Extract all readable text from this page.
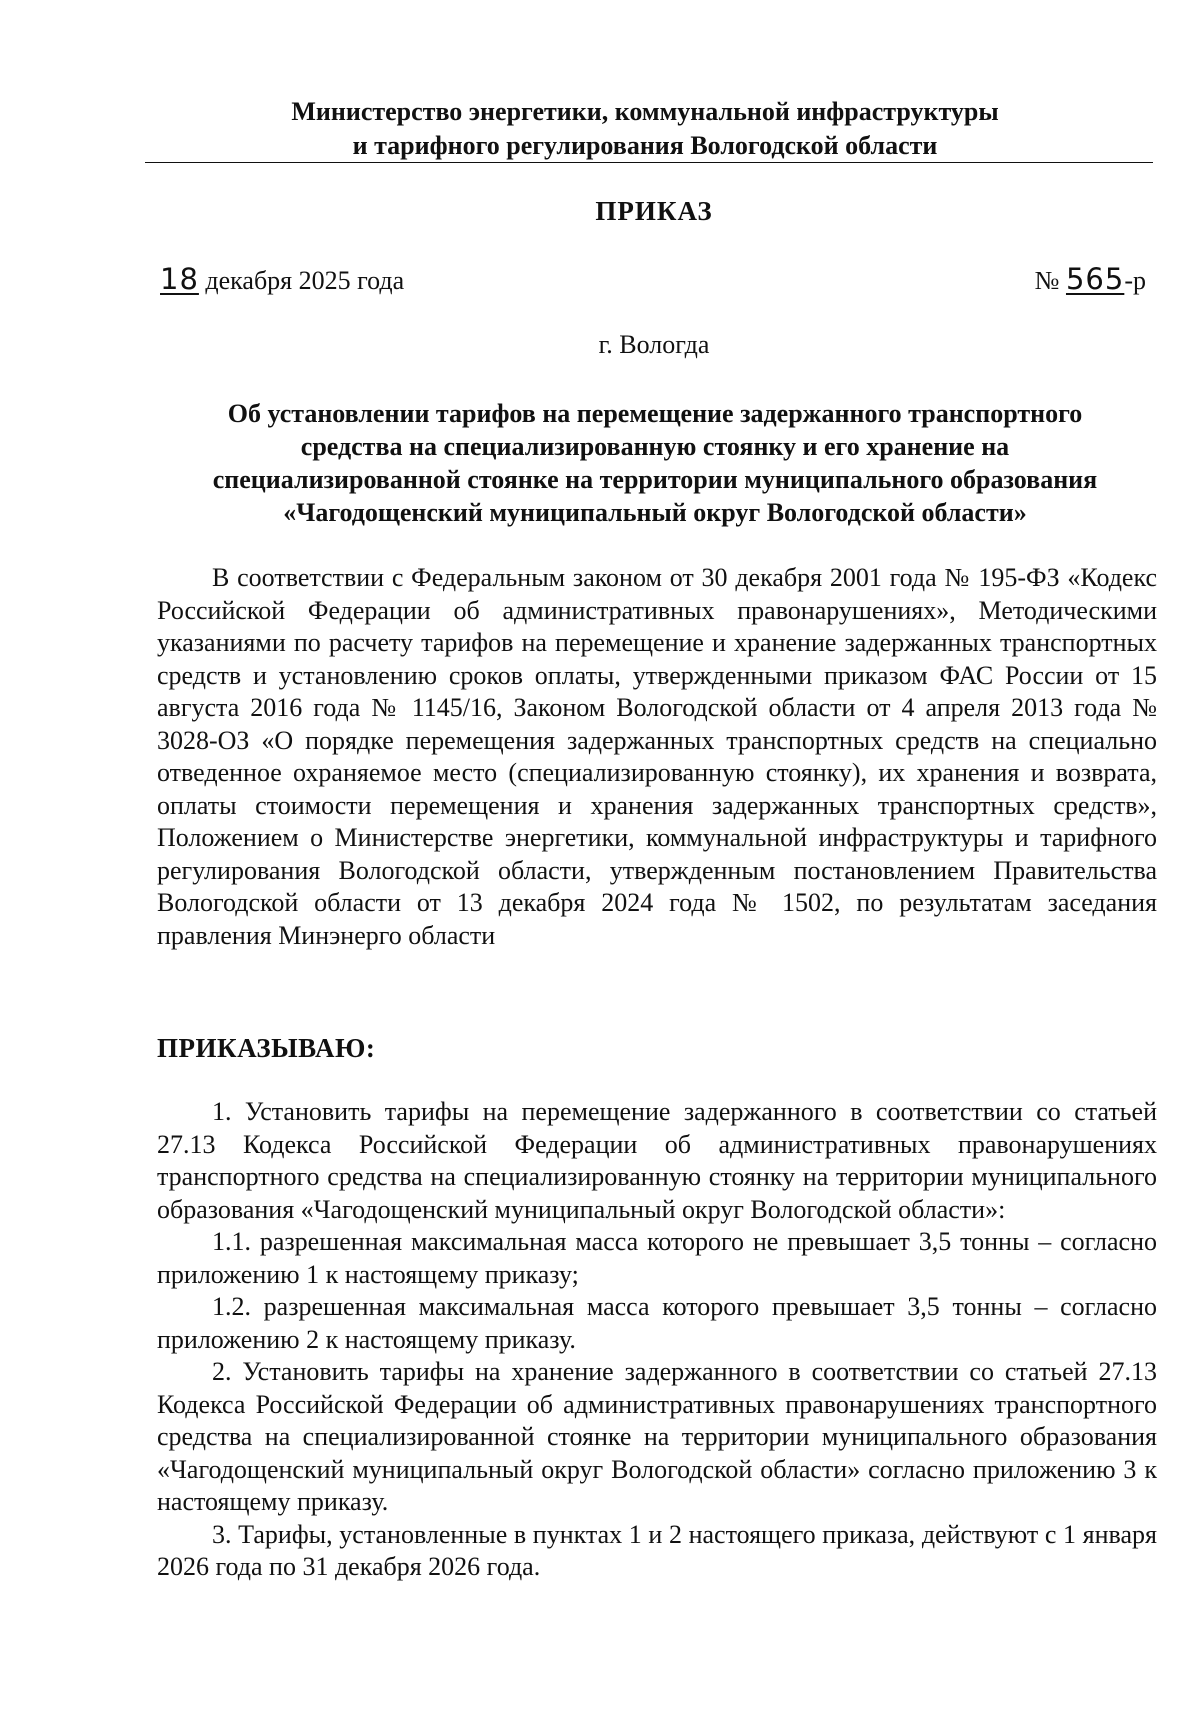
Министерство энергетики, коммунальной инфраструктуры
и тарифного регулирования Вологодской области
ПРИКАЗ
18 декабря 2025 года	№ 565-р
г. Вологда
Об установлении тарифов на перемещение задержанного транспортного
средства на специализированную стоянку и его хранение на
специализированной стоянке на территории муниципального образования
«Чагодощенский муниципальный округ Вологодской области»

В соответствии с Федеральным законом от 30 декабря 2001 года № 195-ФЗ «Кодекс Российской Федерации об административных правонарушениях», Методическими указаниями по расчету тарифов на перемещение и хранение задержанных транспортных средств и установлению сроков оплаты, утвержденными приказом ФАС России от 15 августа 2016 года № 1145/16, Законом Вологодской области от 4 апреля 2013 года № 3028-ОЗ «О порядке перемещения задержанных транспортных средств на специально отведенное охраняемое место (специализированную стоянку), их хранения и возврата, оплаты стоимости перемещения и хранения задержанных транспортных средств», Положением о Министерстве энергетики, коммунальной инфраструктуры и тарифного регулирования Вологодской области, утвержденным постановлением Правительства Вологодской области от 13 декабря 2024 года № 1502, по результатам заседания правления Минэнерго области

ПРИКАЗЫВАЮ:

1. Установить тарифы на перемещение задержанного в соответствии со статьей 27.13 Кодекса Российской Федерации об административных правонарушениях транспортного средства на специализированную стоянку на территории муниципального образования «Чагодощенский муниципальный округ Вологодской области»:

1.1. разрешенная максимальная масса которого не превышает 3,5 тонны – согласно приложению 1 к настоящему приказу;

1.2. разрешенная максимальная масса которого превышает 3,5 тонны – согласно приложению 2 к настоящему приказу.

2. Установить тарифы на хранение задержанного в соответствии со статьей 27.13 Кодекса Российской Федерации об административных правонарушениях транспортного средства на специализированной стоянке на территории муниципального образования «Чагодощенский муниципальный округ Вологодской области» согласно приложению 3 к настоящему приказу.

3. Тарифы, установленные в пунктах 1 и 2 настоящего приказа, действуют с 1 января 2026 года по 31 декабря 2026 года.
